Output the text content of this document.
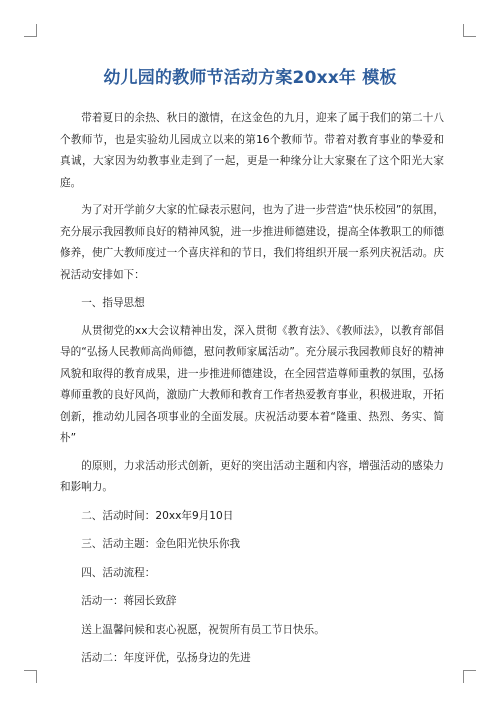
幼儿园的教师节活动方案20xx年 模板

带着夏日的余热、秋日的激情，在这金色的九月，迎来了属于我们的第二十八个教师节，也是实验幼儿园成立以来的第16个教师节。带着对教育事业的挚爱和真诚，大家因为幼教事业走到了一起，更是一种缘分让大家聚在了这个阳光大家庭。

为了对开学前夕大家的忙碌表示慰问，也为了进一步营造“快乐校园”的氛围，充分展示我园教师良好的精神风貌，进一步推进师德建设，提高全体教职工的师德修养，使广大教师度过一个喜庆祥和的节日，我们将组织开展一系列庆祝活动。庆祝活动安排如下：

一、指导思想

从贯彻党的xx大会议精神出发，深入贯彻《教育法》、《教师法》，以教育部倡导的“弘扬人民教师高尚师德，慰问教师家属活动”。充分展示我园教师良好的精神风貌和取得的教育成果，进一步推进师德建设，在全园营造尊师重教的氛围，弘扬尊师重教的良好风尚，激励广大教师和教育工作者热爱教育事业，积极进取，开拓创新，推动幼儿园各项事业的全面发展。庆祝活动要本着“隆重、热烈、务实、简朴”

的原则，力求活动形式创新，更好的突出活动主题和内容，增强活动的感染力和影响力。

二、活动时间：20xx年9月10日

三、活动主题：金色阳光快乐你我

四、活动流程：

活动一：蒋园长致辞

送上温馨问候和衷心祝愿，祝贺所有员工节日快乐。

活动二：年度评优，弘扬身边的先进
